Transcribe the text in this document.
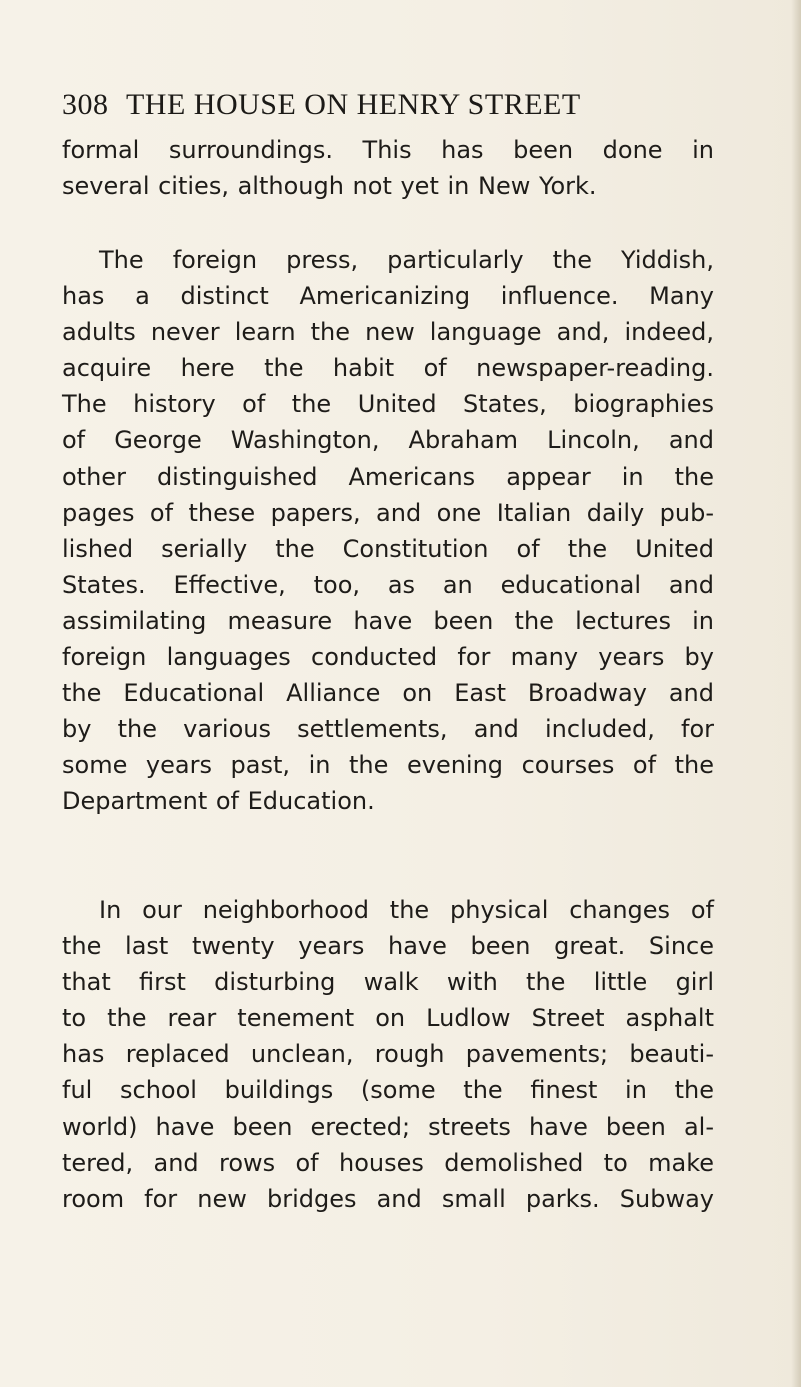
308 THE HOUSE ON HENRY STREET
formal surroundings. This has been done in
several cities, although not yet in New York.
The foreign press, particularly the Yiddish,
has a distinct Americanizing influence. Many
adults never learn the new language and, indeed,
acquire here the habit of newspaper-reading.
The history of the United States, biographies
of George Washington, Abraham Lincoln, and
other distinguished Americans appear in the
pages of these papers, and one Italian daily pub-
lished serially the Constitution of the United
States. Effective, too, as an educational and
assimilating measure have been the lectures in
foreign languages conducted for many years by
the Educational Alliance on East Broadway and
by the various settlements, and included, for
some years past, in the evening courses of the
Department of Education.
In our neighborhood the physical changes of
the last twenty years have been great. Since
that first disturbing walk with the little girl
to the rear tenement on Ludlow Street asphalt
has replaced unclean, rough pavements; beauti-
ful school buildings (some the finest in the
world) have been erected; streets have been al-
tered, and rows of houses demolished to make
room for new bridges and small parks. Subway
